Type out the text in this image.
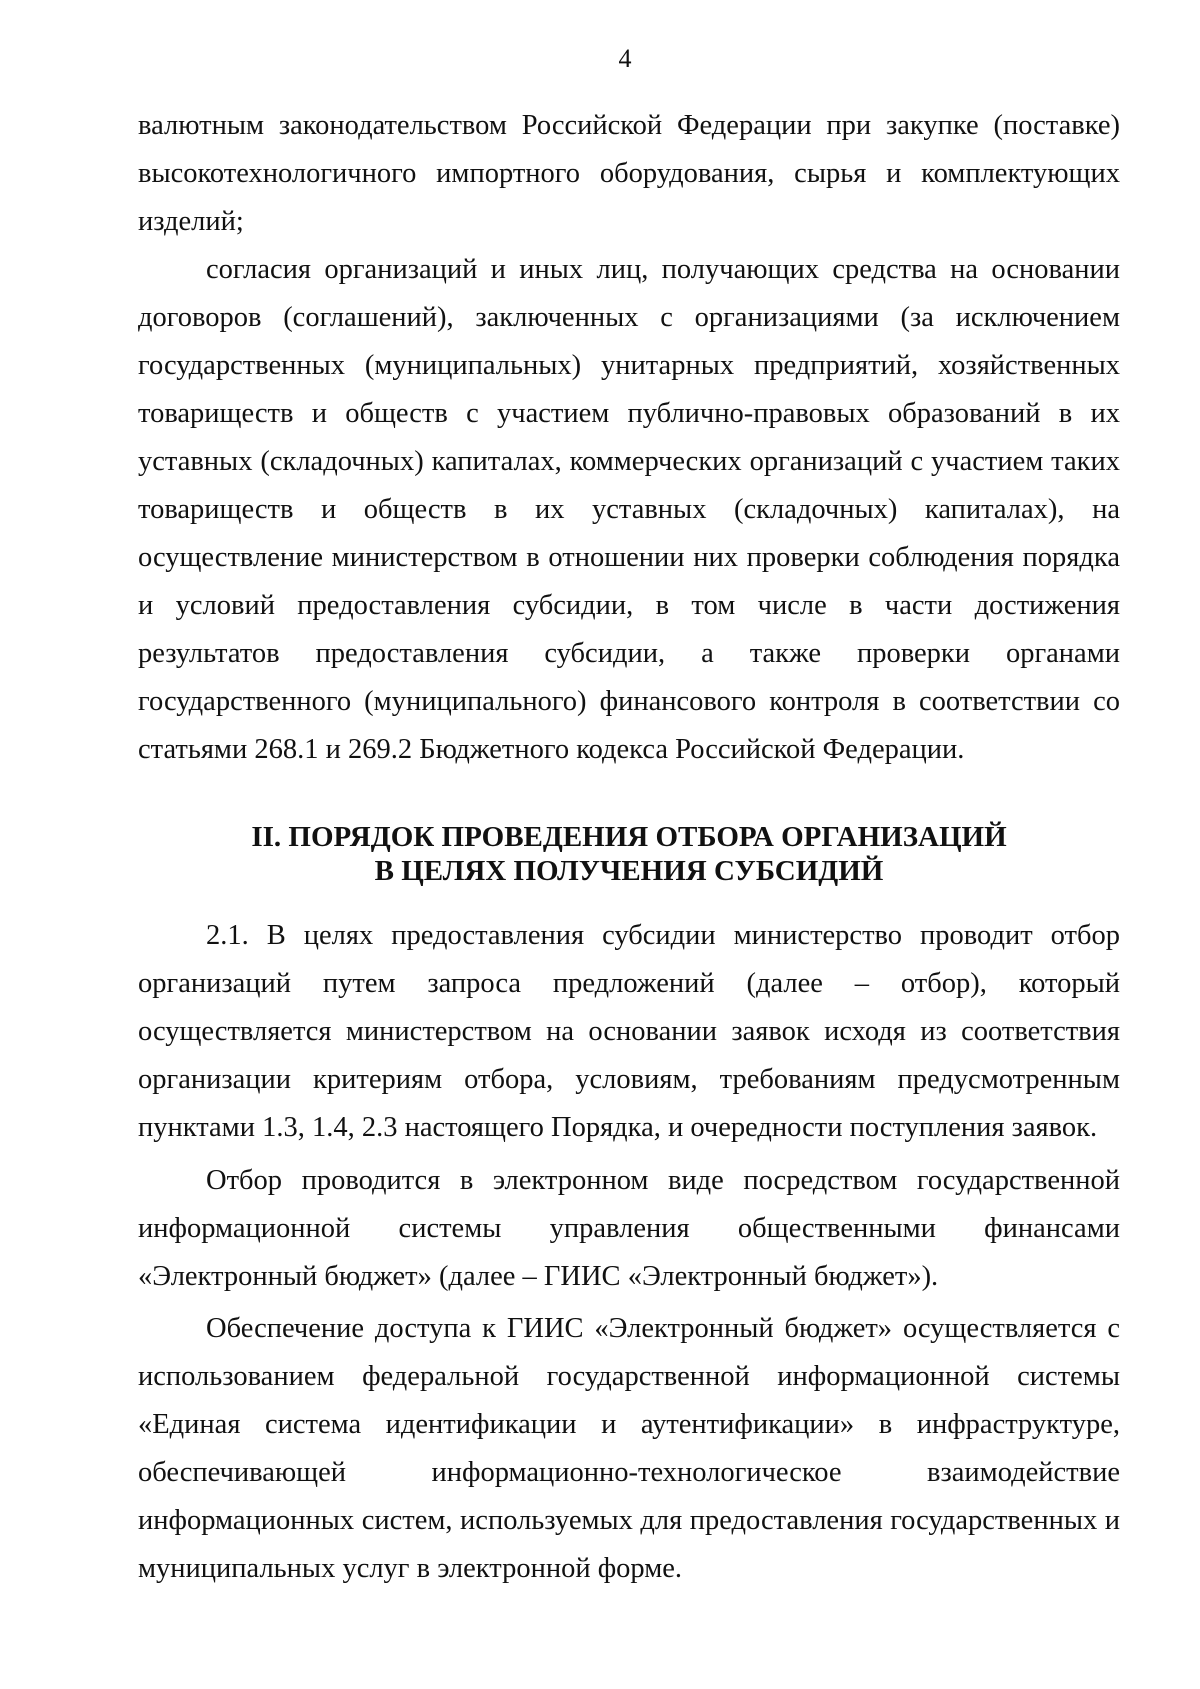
4

валютным законодательством Российской Федерации при закупке (поставке) высокотехнологичного импортного оборудования, сырья и комплектующих изделий;

согласия организаций и иных лиц, получающих средства на основании договоров (соглашений), заключенных с организациями (за исключением государственных (муниципальных) унитарных предприятий, хозяйственных товариществ и обществ с участием публично-правовых образований в их уставных (складочных) капиталах, коммерческих организаций с участием таких товариществ и обществ в их уставных (складочных) капиталах), на осуществление министерством в отношении них проверки соблюдения порядка и условий предоставления субсидии, в том числе в части достижения результатов предоставления субсидии, а также проверки органами государственного (муниципального) финансового контроля в соответствии со статьями 268.1 и 269.2 Бюджетного кодекса Российской Федерации.

II. ПОРЯДОК ПРОВЕДЕНИЯ ОТБОРА ОРГАНИЗАЦИЙ
В ЦЕЛЯХ ПОЛУЧЕНИЯ СУБСИДИЙ

2.1. В целях предоставления субсидии министерство проводит отбор организаций путем запроса предложений (далее – отбор), который осуществляется министерством на основании заявок исходя из соответствия организации критериям отбора, условиям, требованиям предусмотренным пунктами 1.3, 1.4, 2.3 настоящего Порядка, и очередности поступления заявок.

Отбор проводится в электронном виде посредством государственной информационной системы управления общественными финансами «Электронный бюджет» (далее – ГИИС «Электронный бюджет»).

Обеспечение доступа к ГИИС «Электронный бюджет» осуществляется с использованием федеральной государственной информационной системы «Единая система идентификации и аутентификации» в инфраструктуре, обеспечивающей информационно-технологическое взаимодействие информационных систем, используемых для предоставления государственных и муниципальных услуг в электронной форме.
